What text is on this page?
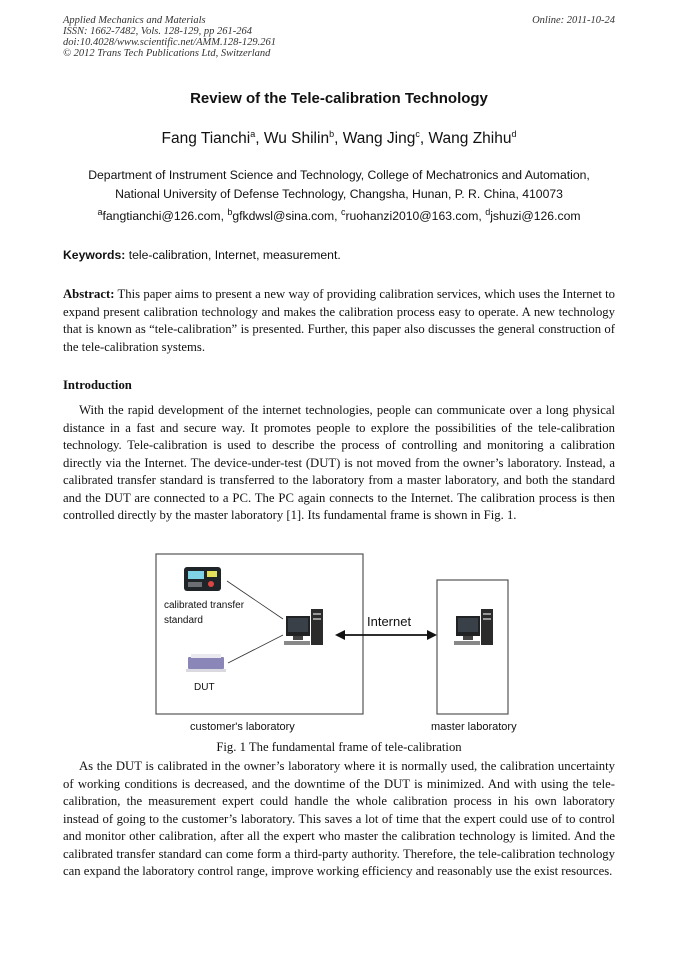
Applied Mechanics and Materials
ISSN: 1662-7482, Vols. 128-129, pp 261-264
doi:10.4028/www.scientific.net/AMM.128-129.261
© 2012 Trans Tech Publications Ltd, Switzerland
Online: 2011-10-24
Review of the Tele-calibration Technology
Fang Tianchi$^a$, Wu Shilin$^b$, Wang Jing$^c$, Wang Zhihu$^d$
Department of Instrument Science and Technology, College of Mechatronics and Automation,
National University of Defense Technology, Changsha, Hunan, P. R. China, 410073
$^a$fangtianchi@126.com, $^b$gfkdwsl@sina.com, $^c$ruohanzi2010@163.com, $^d$jshuzi@126.com
Keywords: tele-calibration, Internet, measurement.
Abstract: This paper aims to present a new way of providing calibration services, which uses the Internet to expand present calibration technology and makes the calibration process easy to operate. A new technology that is known as “tele-calibration” is presented. Further, this paper also discusses the general construction of the tele-calibration systems.
Introduction
With the rapid development of the internet technologies, people can communicate over a long physical distance in a fast and secure way. It promotes people to explore the possibilities of the tele-calibration technology. Tele-calibration is used to describe the process of controlling and monitoring a calibration directly via the Internet. The device-under-test (DUT) is not moved from the owner’s laboratory. Instead, a calibrated transfer standard is transferred to the laboratory from a master laboratory, and both the standard and the DUT are connected to a PC. The PC again connects to the Internet. The calibration process is then controlled directly by the master laboratory [1]. Its fundamental frame is shown in Fig. 1.
calibrated transfer
standard
DUT
Internet
customer's laboratory	master laboratory
Fig. 1 The fundamental frame of tele-calibration
As the DUT is calibrated in the owner’s laboratory where it is normally used, the calibration uncertainty of working conditions is decreased, and the downtime of the DUT is minimized. And with using the tele-calibration, the measurement expert could handle the whole calibration process in his own laboratory instead of going to the customer’s laboratory. This saves a lot of time that the expert could use of to control and monitor other calibration, after all the expert who master the calibration technology is limited. And the calibrated transfer standard can come form a third-party authority. Therefore, the tele-calibration technology can expand the laboratory control range, improve working efficiency and reasonably use the exist resources.
